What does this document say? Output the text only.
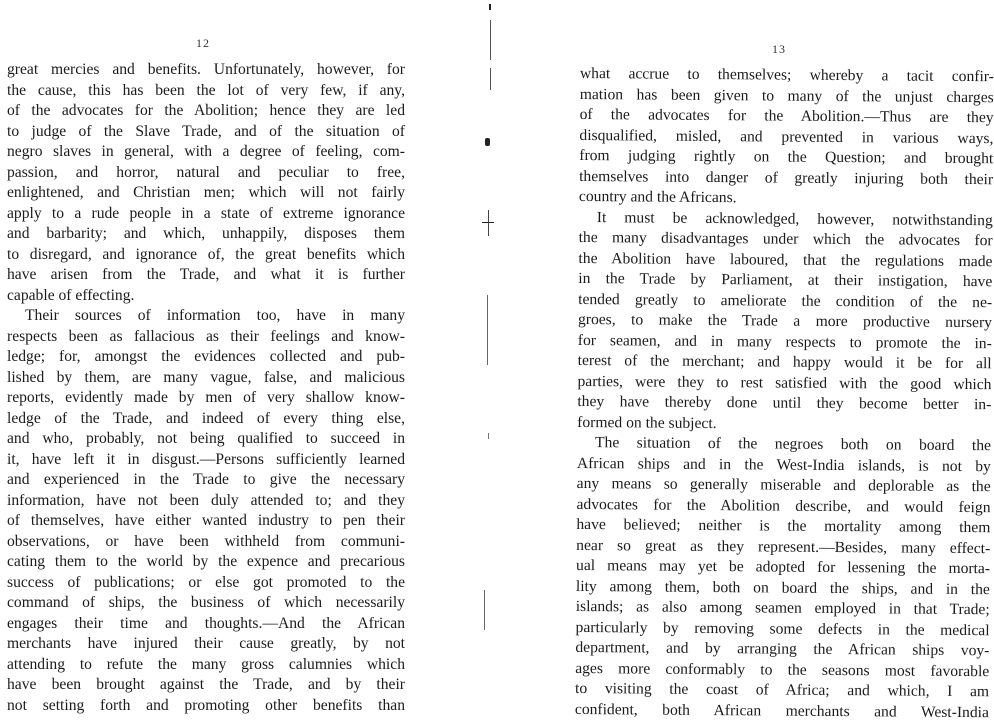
12
great mercies and benefits. Unfortunately, however, for
the cause, this has been the lot of very few, if any,
of the advocates for the Abolition; hence they are led
to judge of the Slave Trade, and of the situation of
negro slaves in general, with a degree of feeling, com-
passion, and horror, natural and peculiar to free,
enlightened, and Christian men; which will not fairly
apply to a rude people in a state of extreme ignorance
and barbarity; and which, unhappily, disposes them
to disregard, and ignorance of, the great benefits which
have arisen from the Trade, and what it is further
capable of effecting.
Their sources of information too, have in many
respects been as fallacious as their feelings and know-
ledge; for, amongst the evidences collected and pub-
lished by them, are many vague, false, and malicious
reports, evidently made by men of very shallow know-
ledge of the Trade, and indeed of every thing else,
and who, probably, not being qualified to succeed in
it, have left it in disgust.—Persons sufficiently learned
and experienced in the Trade to give the necessary
information, have not been duly attended to; and they
of themselves, have either wanted industry to pen their
observations, or have been withheld from communi-
cating them to the world by the expence and precarious
success of publications; or else got promoted to the
command of ships, the business of which necessarily
engages their time and thoughts.—And the African
merchants have injured their cause greatly, by not
attending to refute the many gross calumnies which
have been brought against the Trade, and by their
not setting forth and promoting other benefits than
13
what accrue to themselves; whereby a tacit confir-
mation has been given to many of the unjust charges
of the advocates for the Abolition.—Thus are they
disqualified, misled, and prevented in various ways,
from judging rightly on the Question; and brought
themselves into danger of greatly injuring both their
country and the Africans.
It must be acknowledged, however, notwithstanding
the many disadvantages under which the advocates for
the Abolition have laboured, that the regulations made
in the Trade by Parliament, at their instigation, have
tended greatly to ameliorate the condition of the ne-
groes, to make the Trade a more productive nursery
for seamen, and in many respects to promote the in-
terest of the merchant; and happy would it be for all
parties, were they to rest satisfied with the good which
they have thereby done until they become better in-
formed on the subject.
The situation of the negroes both on board the
African ships and in the West-India islands, is not by
any means so generally miserable and deplorable as the
advocates for the Abolition describe, and would feign
have believed; neither is the mortality among them
near so great as they represent.—Besides, many effect-
ual means may yet be adopted for lessening the morta-
lity among them, both on board the ships, and in the
islands; as also among seamen employed in that Trade;
particularly by removing some defects in the medical
department, and by arranging the African ships voy-
ages more conformably to the seasons most favorable
to visiting the coast of Africa; and which, I am
confident, both African merchants and West-India
